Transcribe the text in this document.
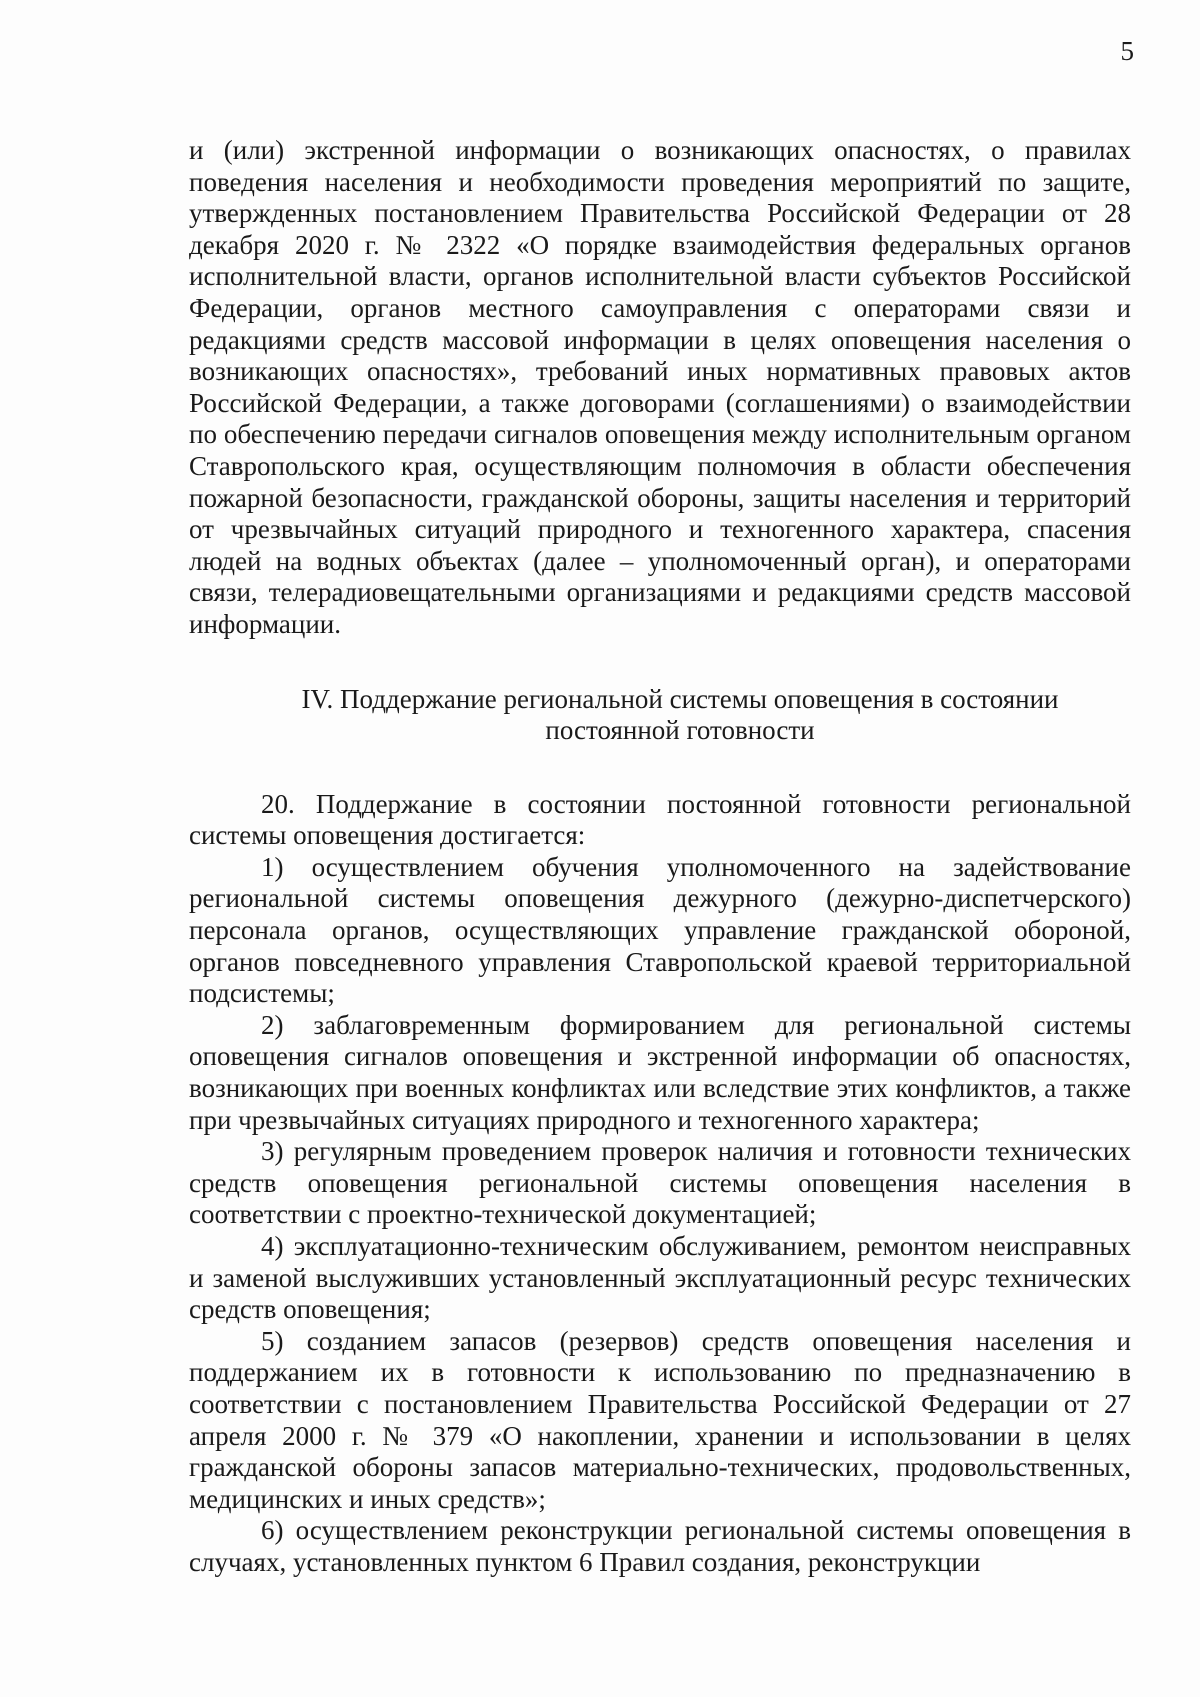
5

и (или) экстренной информации о возникающих опасностях, о правилах поведения населения и необходимости проведения мероприятий по защите, утвержденных постановлением Правительства Российской Федерации от 28 декабря 2020 г. № 2322 «О порядке взаимодействия федеральных органов исполнительной власти, органов исполнительной власти субъектов Российской Федерации, органов местного самоуправления с операторами связи и редакциями средств массовой информации в целях оповещения населения о возникающих опасностях», требований иных нормативных правовых актов Российской Федерации, а также договорами (соглашениями) о взаимодействии по обеспечению передачи сигналов оповещения между исполнительным органом Ставропольского края, осуществляющим полномочия в области обеспечения пожарной безопасности, гражданской обороны, защиты населения и территорий от чрезвычайных ситуаций природного и техногенного характера, спасения людей на водных объектах (далее – уполномоченный орган), и операторами связи, телерадиовещательными организациями и редакциями средств массовой информации.

IV. Поддержание региональной системы оповещения в состоянии
постоянной готовности

20. Поддержание в состоянии постоянной готовности региональной системы оповещения достигается:

1) осуществлением обучения уполномоченного на задействование региональной системы оповещения дежурного (дежурно-диспетчерского) персонала органов, осуществляющих управление гражданской обороной, органов повседневного управления Ставропольской краевой территориальной подсистемы;

2) заблаговременным формированием для региональной системы оповещения сигналов оповещения и экстренной информации об опасностях, возникающих при военных конфликтах или вследствие этих конфликтов, а также при чрезвычайных ситуациях природного и техногенного характера;

3) регулярным проведением проверок наличия и готовности технических средств оповещения региональной системы оповещения населения в соответствии с проектно-технической документацией;

4) эксплуатационно-техническим обслуживанием, ремонтом неисправных и заменой выслуживших установленный эксплуатационный ресурс технических средств оповещения;

5) созданием запасов (резервов) средств оповещения населения и поддержанием их в готовности к использованию по предназначению в соответствии с постановлением Правительства Российской Федерации от 27 апреля 2000 г. № 379 «О накоплении, хранении и использовании в целях гражданской обороны запасов материально-технических, продовольственных, медицинских и иных средств»;

6) осуществлением реконструкции региональной системы оповещения в случаях, установленных пунктом 6 Правил создания, реконструкции
